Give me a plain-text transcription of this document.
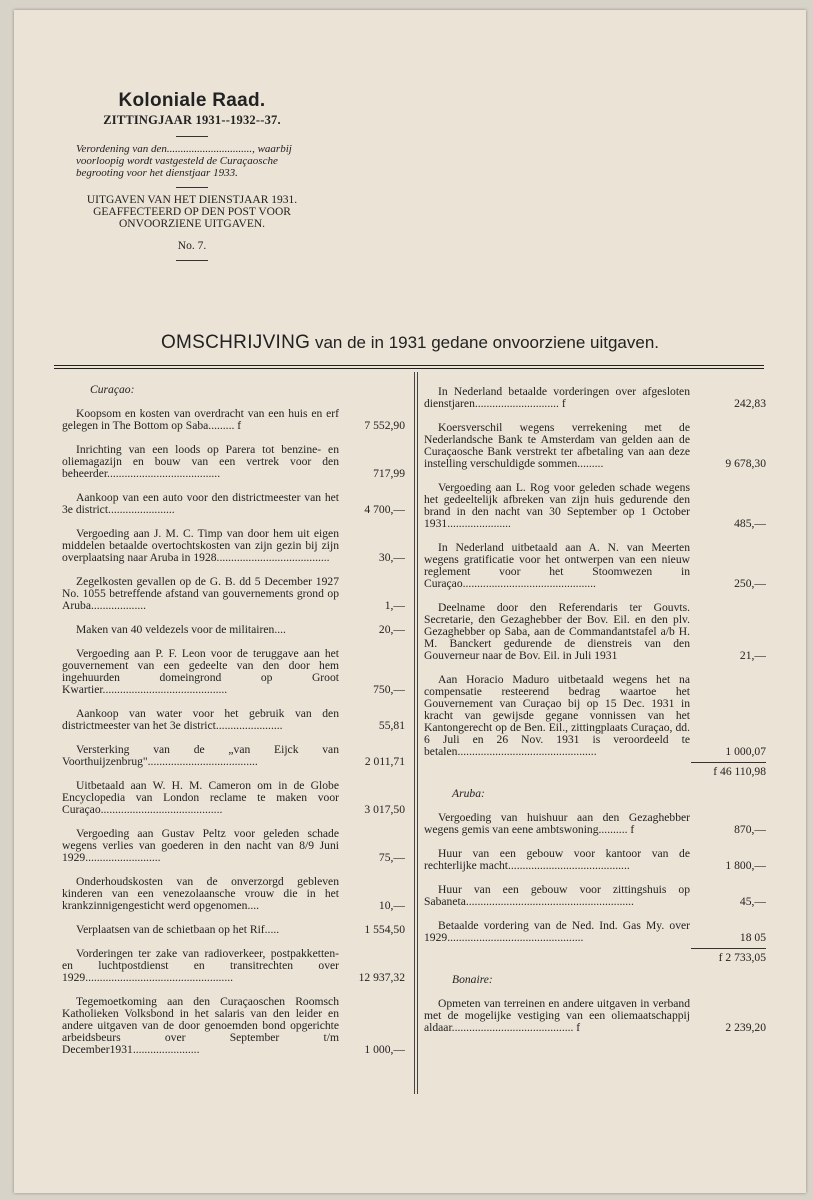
Koloniale Raad.
ZITTINGJAAR 1931--1932--37.
Verordening van den..............................., waarbij voorloopig wordt vastgesteld de Curaçaosche begrooting voor het dienstjaar 1933.
UITGAVEN VAN HET DIENSTJAAR 1931. GEAFFECTEERD OP DEN POST VOOR ONVOORZIENE UITGAVEN.
No. 7.
OMSCHRIJVING van de in 1931 gedane onvoorziene uitgaven.
Curaçao:
Koopsom en kosten van overdracht van een huis en erf gelegen in The Bottom op Saba......... f	7 552,90
Inrichting van een loods op Parera tot benzine- en oliemagazijn en bouw van een vertrek voor den beheerder.......................................	717,99
Aankoop van een auto voor den districtmeester van het 3e district.......................	4 700,—
Vergoeding aan J. M. C. Timp van door hem uit eigen middelen betaalde overtochtskosten van zijn gezin bij zijn overplaatsing naar Aruba in 1928.......................................	30,—
Zegelkosten gevallen op de G. B. dd 5 December 1927 No. 1055 betreffende afstand van gouvernements grond op Aruba...................	1,—
Maken van 40 veldezels voor de militairen....	20,—
Vergoeding aan P. F. Leon voor de teruggave aan het gouvernement van een gedeelte van den door hem ingehuurden domeingrond op Groot Kwartier...........................................	750,—
Aankoop van water voor het gebruik van den districtmeester van het 3e district.......................	55,81
Versterking van de „van Eijck van Voorthuijzenbrug"......................................	2 011,71
Uitbetaald aan W. H. M. Cameron om in de Globe Encyclopedia van London reclame te maken voor Curaçao..........................................	3 017,50
Vergoeding aan Gustav Peltz voor geleden schade wegens verlies van goederen in den nacht van 8/9 Juni 1929..........................	75,—
Onderhoudskosten van de onverzorgd gebleven kinderen van een venezolaansche vrouw die in het krankzinnigengesticht werd opgenomen....	10,—
Verplaatsen van de schietbaan op het Rif.....	1 554,50
Vorderingen ter zake van radioverkeer, postpakketten- en luchtpostdienst en transitrechten over 1929...................................................	12 937,32
Tegemoetkoming aan den Curaçaoschen Roomsch Katholieken Volksbond in het salaris van den leider en andere uitgaven van de door genoemden bond opgerichte arbeidsbeurs over September t/m December1931.......................	1 000,—
In Nederland betaalde vorderingen over afgesloten dienstjaren............................. f	242,83
Koersverschil wegens verrekening met de Nederlandsche Bank te Amsterdam van gelden aan de Curaçaosche Bank verstrekt ter afbetaling van aan deze instelling verschuldigde sommen.........	9 678,30
Vergoeding aan L. Rog voor geleden schade wegens het gedeeltelijk afbreken van zijn huis gedurende den brand in den nacht van 30 September op 1 October 1931......................	485,—
In Nederland uitbetaald aan A. N. van Meerten wegens gratificatie voor het ontwerpen van een nieuw reglement voor het Stoomwezen in Curaçao..............................................	250,—
Deelname door den Referendaris ter Gouvts. Secretarie, den Gezaghebber der Bov. Eil. en den plv. Gezaghebber op Saba, aan de Commandantstafel a/b H. M. Banckert gedurende de dienstreis van den Gouverneur naar de Bov. Eil. in Juli 1931	21,—
Aan Horacio Maduro uitbetaald wegens het na compensatie resteerend bedrag waartoe het Gouvernement van Curaçao bij op 15 Dec. 1931 in kracht van gewijsde gegane vonnissen van het Kantongerecht op de Ben. Eil., zittingplaats Curaçao, dd. 6 Juli en 26 Nov. 1931 is veroordeeld te betalen................................................	1 000,07
f 46 110,98
Aruba:
Vergoeding van huishuur aan den Gezaghebber wegens gemis van eene ambtswoning.......... f	870,—
Huur van een gebouw voor kantoor van de rechterlijke macht..........................................	1 800,—
Huur van een gebouw voor zittingshuis op Sabaneta..........................................................	45,—
Betaalde vordering van de Ned. Ind. Gas My. over 1929...............................................	18 05
f 2 733,05
Bonaire:
Opmeten van terreinen en andere uitgaven in verband met de mogelijke vestiging van een oliemaatschappij aldaar.......................................... f	2 239,20
